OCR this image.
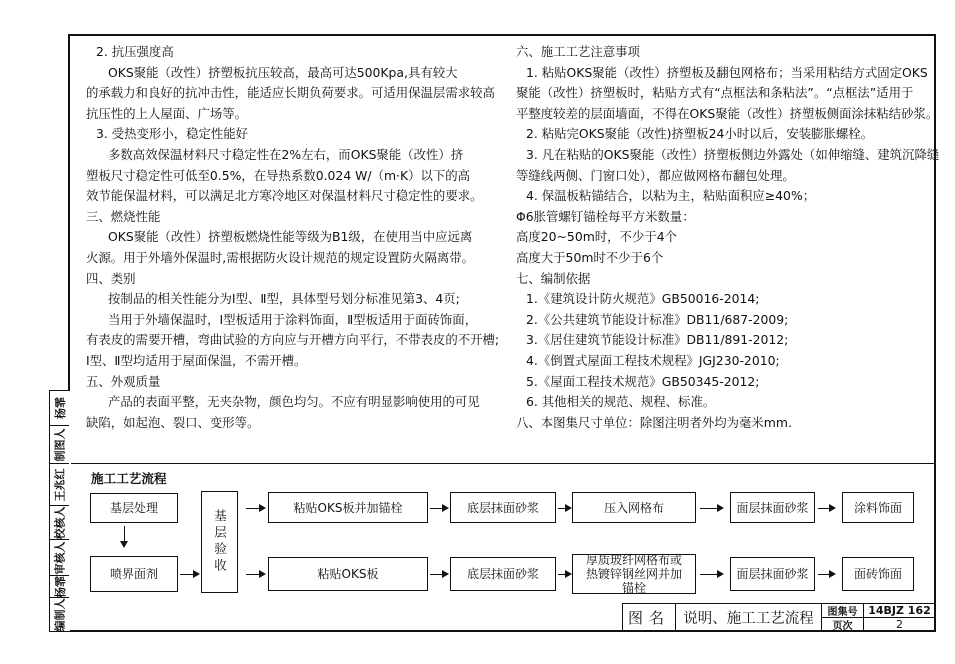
杨霏
制图人
王兆红
校核人
审核人
杨霏
编制人
2. 抗压强度高
OKS聚能（改性）挤塑板抗压较高，最高可达500Kpa,具有较大
的承载力和良好的抗冲击性，能适应长期负荷要求。可适用保温层需求较高
抗压性的上人屋面、广场等。
3. 受热变形小，稳定性能好
多数高效保温材料尺寸稳定性在2%左右，而OKS聚能（改性）挤
塑板尺寸稳定性可低至0.5%，在导热系数0.024 W/（m·K）以下的高
效节能保温材料，可以满足北方寒冷地区对保温材料尺寸稳定性的要求。
三、燃烧性能
OKS聚能（改性）挤塑板燃烧性能等级为B1级，在使用当中应远离
火源。用于外墙外保温时,需根据防火设计规范的规定设置防火隔离带。
四、类别
按制品的相关性能分为Ⅰ型、Ⅱ型，具体型号划分标准见第3、4页;
当用于外墙保温时，Ⅰ型板适用于涂料饰面，Ⅱ型板适用于面砖饰面，
有表皮的需要开槽，弯曲试验的方向应与开槽方向平行，不带表皮的不开槽;
Ⅰ型、Ⅱ型均适用于屋面保温，不需开槽。
五、外观质量
产品的表面平整，无夹杂物，颜色均匀。不应有明显影响使用的可见
缺陷，如起泡、裂口、变形等。
六、施工工艺注意事项
1. 粘贴OKS聚能（改性）挤塑板及翻包网格布；当采用粘结方式固定OKS
聚能（改性）挤塑板时，粘贴方式有“点框法和条粘法”。“点框法”适用于
平整度较差的层面墙面，不得在OKS聚能（改性）挤塑板侧面涂抹粘结砂浆。
2. 粘贴完OKS聚能（改性)挤塑板24小时以后，安装膨胀螺栓。
3. 凡在粘贴的OKS聚能（改性）挤塑板侧边外露处（如伸缩缝、建筑沉降缝
等缝线两侧、门窗口处），都应做网格布翻包处理。
4. 保温板粘锚结合，以粘为主，粘贴面积应≥40%；
Φ6胀管螺钉锚栓每平方米数量：
高度20~50m时，不少于4个
高度大于50m时不少于6个
七、编制依据
1.《建筑设计防火规范》GB50016-2014;
2.《公共建筑节能设计标准》DB11/687-2009;
3.《居住建筑节能设计标准》DB11/891-2012;
4.《倒置式屋面工程技术规程》JGJ230-2010;
5.《屋面工程技术规范》GB50345-2012;
6. 其他相关的规范、规程、标准。
八、本图集尺寸单位：除图注明者外均为毫米mm.
施工工艺流程
基层处理
喷界面剂	基层验收
粘贴OKS板并加锚栓	底层抹面砂浆	压入网格布	面层抹面砂浆	涂料饰面
粘贴OKS板	底层抹面砂浆
厚质玻纤网格布或热镀锌钢丝网并加锚栓
面层抹面砂浆	面砖饰面
图名 说明、施工工艺流程	图集号 14BJZ 162
页次	2
